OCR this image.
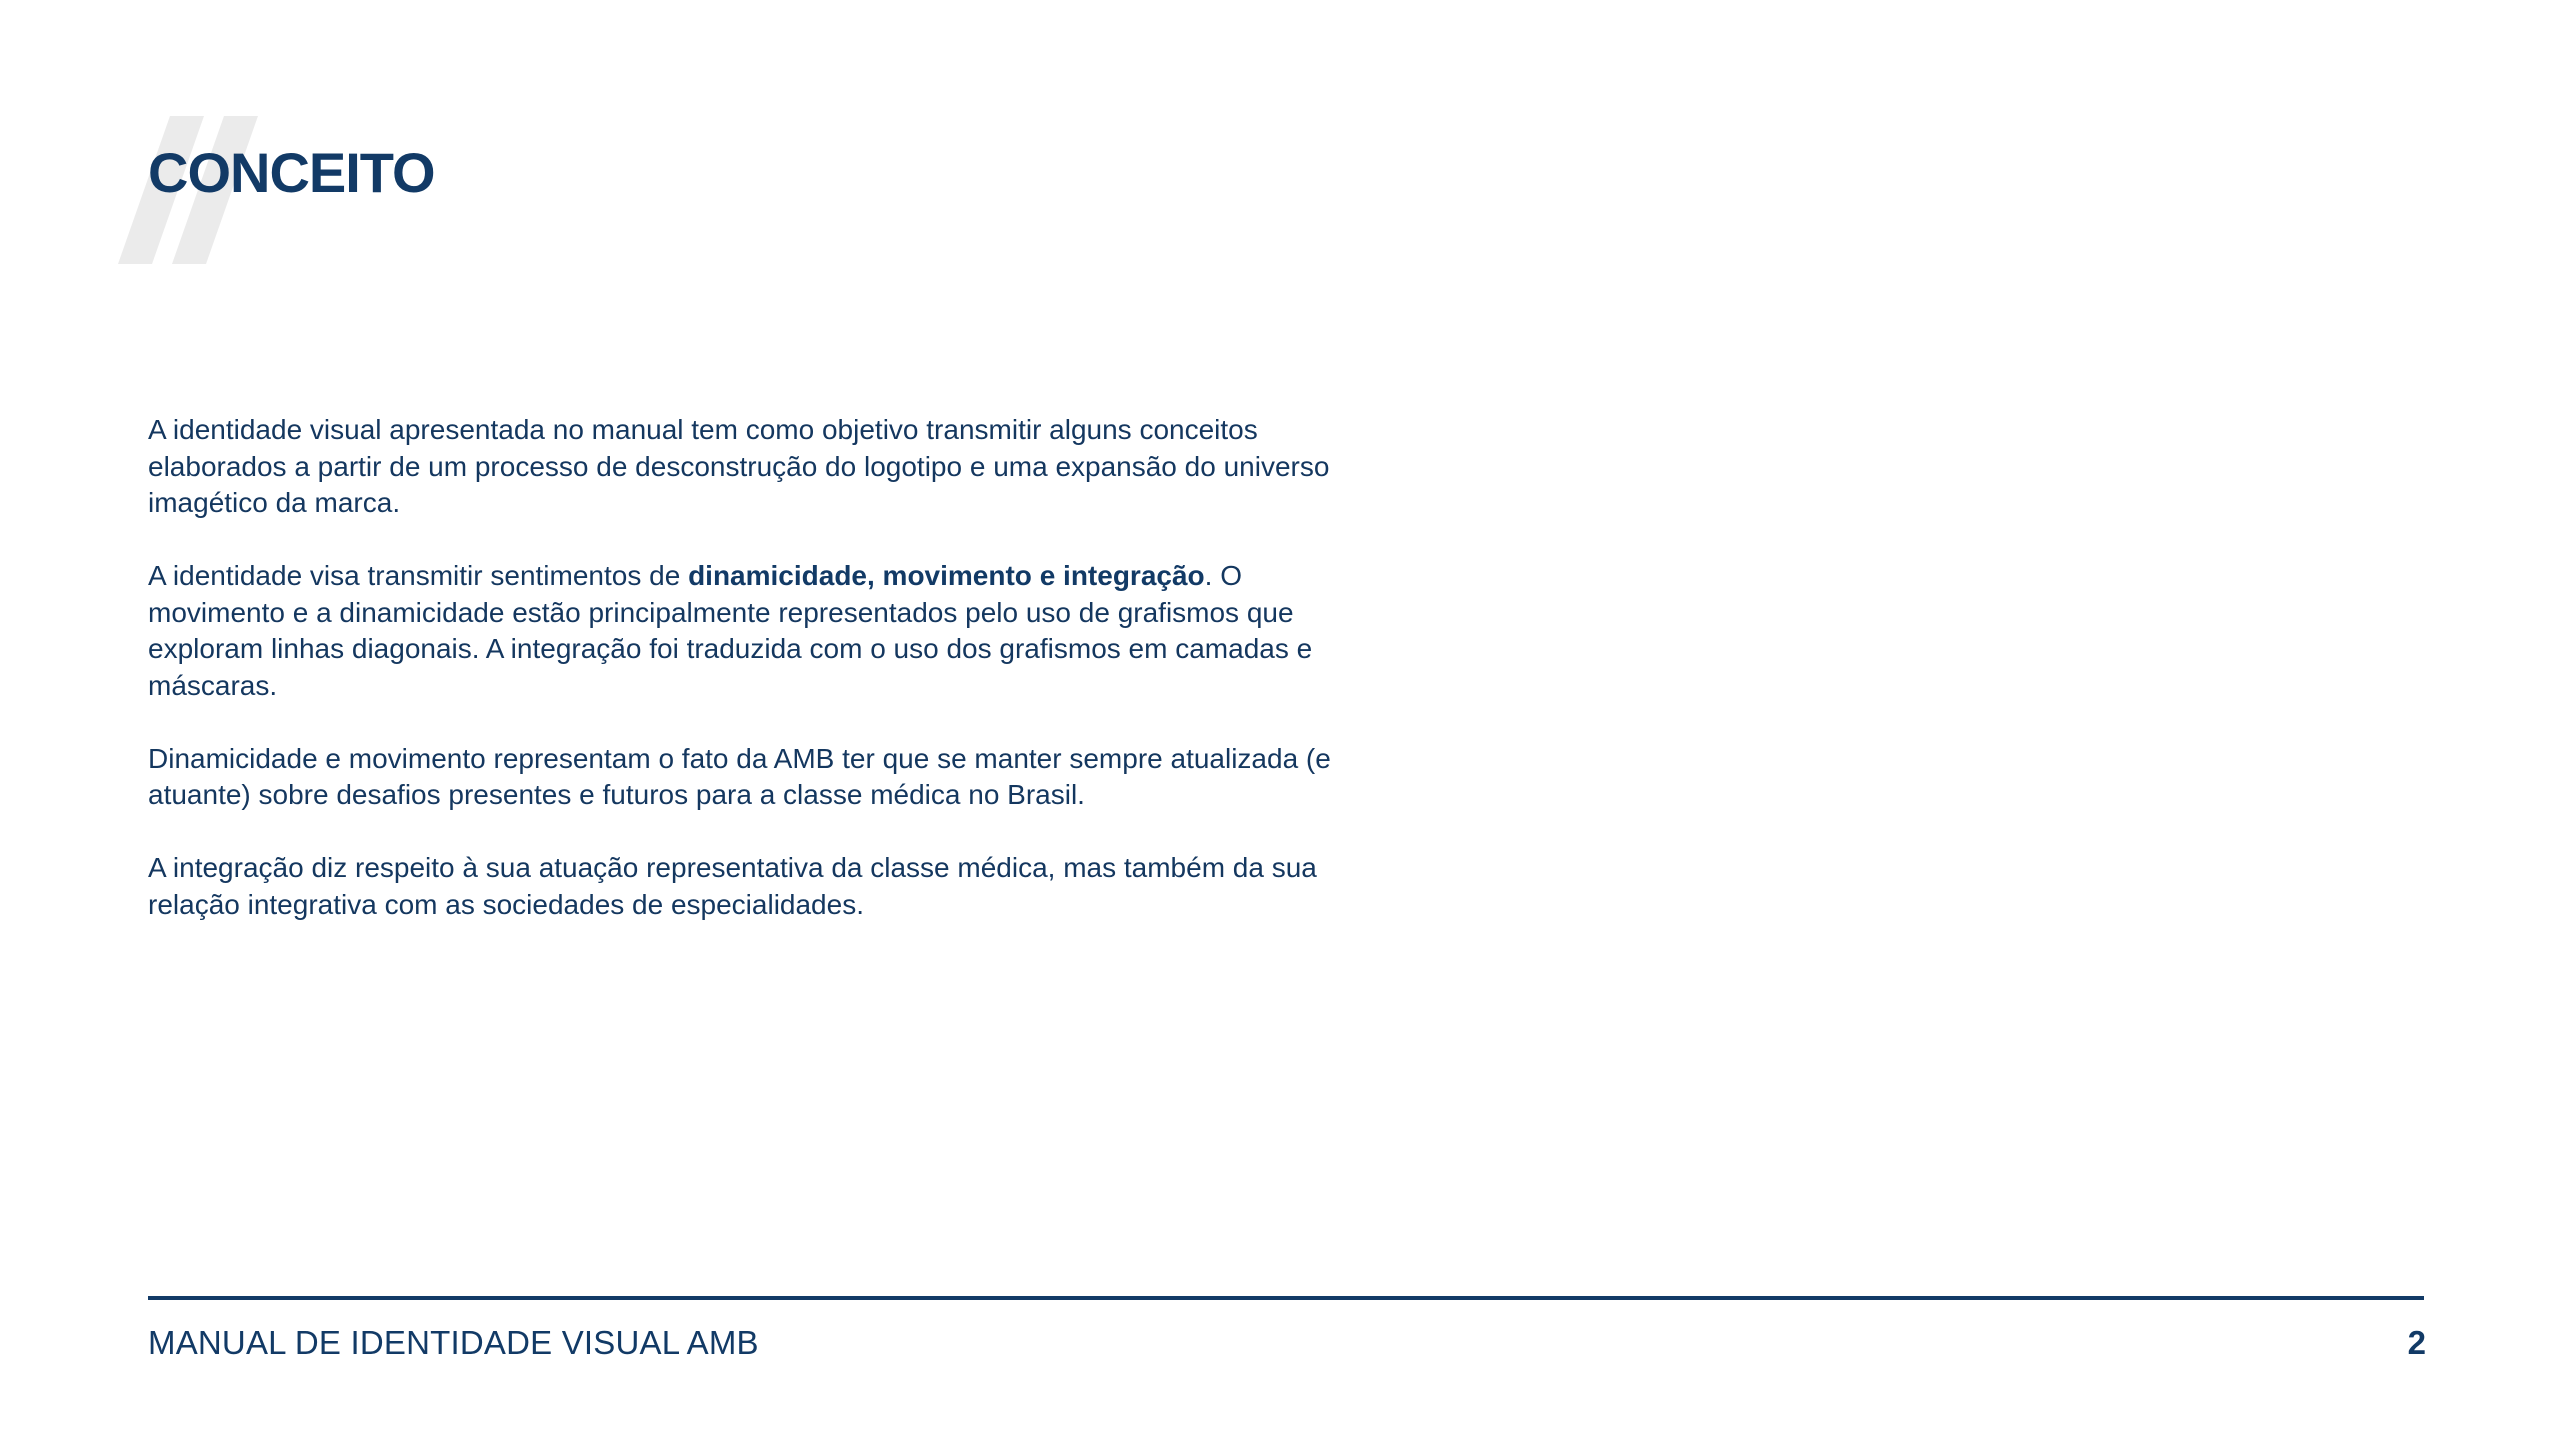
CONCEITO

A identidade visual apresentada no manual tem como objetivo transmitir alguns conceitos elaborados a partir de um processo de desconstrução do logotipo e uma expansão do universo imagético da marca.

A identidade visa transmitir sentimentos de dinamicidade, movimento e integração. O movimento e a dinamicidade estão principalmente representados pelo uso de grafismos que exploram linhas diagonais. A integração foi traduzida com o uso dos grafismos em camadas e máscaras.

Dinamicidade e movimento representam o fato da AMB ter que se manter sempre atualizada (e atuante) sobre desafios presentes e futuros para a classe médica no Brasil.

A integração diz respeito à sua atuação representativa da classe médica, mas também da sua relação integrativa com as sociedades de especialidades.

MANUAL DE IDENTIDADE VISUAL AMB	2
